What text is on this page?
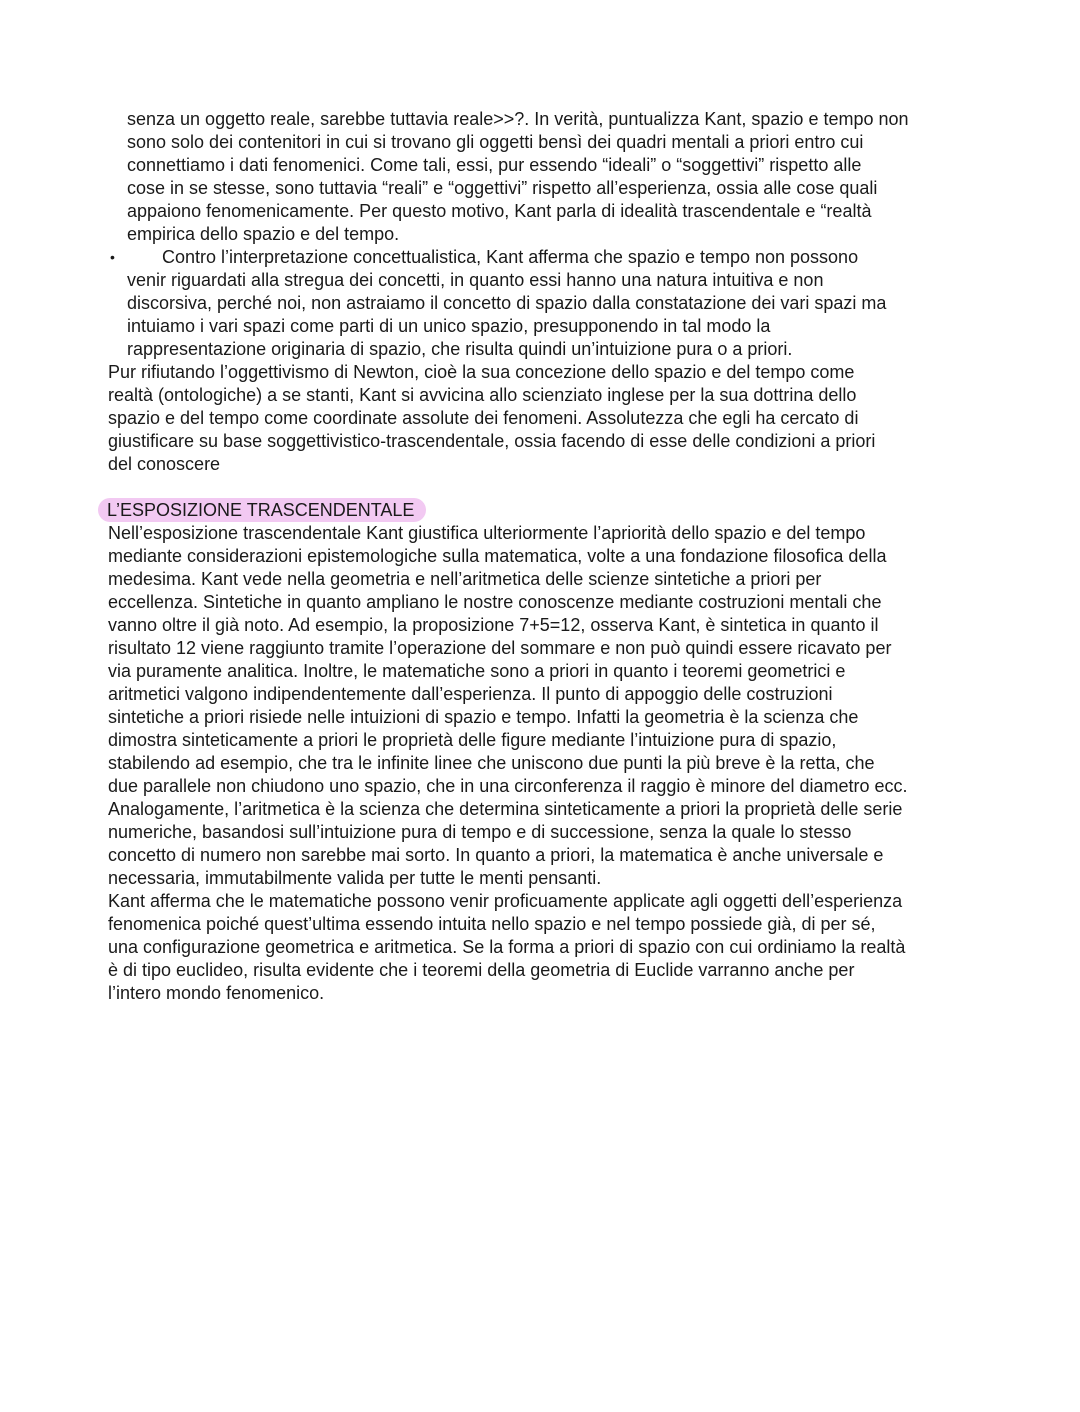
senza un oggetto reale, sarebbe tuttavia reale>>?. In verità, puntualizza Kant, spazio e tempo non
sono solo dei contenitori in cui si trovano gli oggetti bensì dei quadri mentali a priori entro cui
connettiamo i dati fenomenici. Come tali, essi, pur essendo “ideali” o “soggettivi” rispetto alle
cose in se stesse, sono tuttavia “reali” e “oggettivi” rispetto all’esperienza, ossia alle cose quali
appaiono fenomenicamente. Per questo motivo, Kant parla di idealità trascendentale e “realtà
empirica dello spazio e del tempo.
• Contro l’interpretazione concettualistica, Kant afferma che spazio e tempo non possono
venir riguardati alla stregua dei concetti, in quanto essi hanno una natura intuitiva e non
discorsiva, perché noi, non astraiamo il concetto di spazio dalla constatazione dei vari spazi ma
intuiamo i vari spazi come parti di un unico spazio, presupponendo in tal modo la
rappresentazione originaria di spazio, che risulta quindi un’intuizione pura o a priori.
Pur rifiutando l’oggettivismo di Newton, cioè la sua concezione dello spazio e del tempo come
realtà (ontologiche) a se stanti, Kant si avvicina allo scienziato inglese per la sua dottrina dello
spazio e del tempo come coordinate assolute dei fenomeni. Assolutezza che egli ha cercato di
giustificare su base soggettivistico-trascendentale, ossia facendo di esse delle condizioni a priori
del conoscere
L’ESPOSIZIONE TRASCENDENTALE
Nell’esposizione trascendentale Kant giustifica ulteriormente l’apriorità dello spazio e del tempo
mediante considerazioni epistemologiche sulla matematica, volte a una fondazione filosofica della
medesima. Kant vede nella geometria e nell’aritmetica delle scienze sintetiche a priori per
eccellenza. Sintetiche in quanto ampliano le nostre conoscenze mediante costruzioni mentali che
vanno oltre il già noto. Ad esempio, la proposizione 7+5=12, osserva Kant, è sintetica in quanto il
risultato 12 viene raggiunto tramite l’operazione del sommare e non può quindi essere ricavato per
via puramente analitica. Inoltre, le matematiche sono a priori in quanto i teoremi geometrici e
aritmetici valgono indipendentemente dall’esperienza. Il punto di appoggio delle costruzioni
sintetiche a priori risiede nelle intuizioni di spazio e tempo. Infatti la geometria è la scienza che
dimostra sinteticamente a priori le proprietà delle figure mediante l’intuizione pura di spazio,
stabilendo ad esempio, che tra le infinite linee che uniscono due punti la più breve è la retta, che
due parallele non chiudono uno spazio, che in una circonferenza il raggio è minore del diametro ecc.
Analogamente, l’aritmetica è la scienza che determina sinteticamente a priori la proprietà delle serie
numeriche, basandosi sull’intuizione pura di tempo e di successione, senza la quale lo stesso
concetto di numero non sarebbe mai sorto. In quanto a priori, la matematica è anche universale e
necessaria, immutabilmente valida per tutte le menti pensanti.
Kant afferma che le matematiche possono venir proficuamente applicate agli oggetti dell’esperienza
fenomenica poiché quest’ultima essendo intuita nello spazio e nel tempo possiede già, di per sé,
una configurazione geometrica e aritmetica. Se la forma a priori di spazio con cui ordiniamo la realtà
è di tipo euclideo, risulta evidente che i teoremi della geometria di Euclide varranno anche per
l’intero mondo fenomenico.
